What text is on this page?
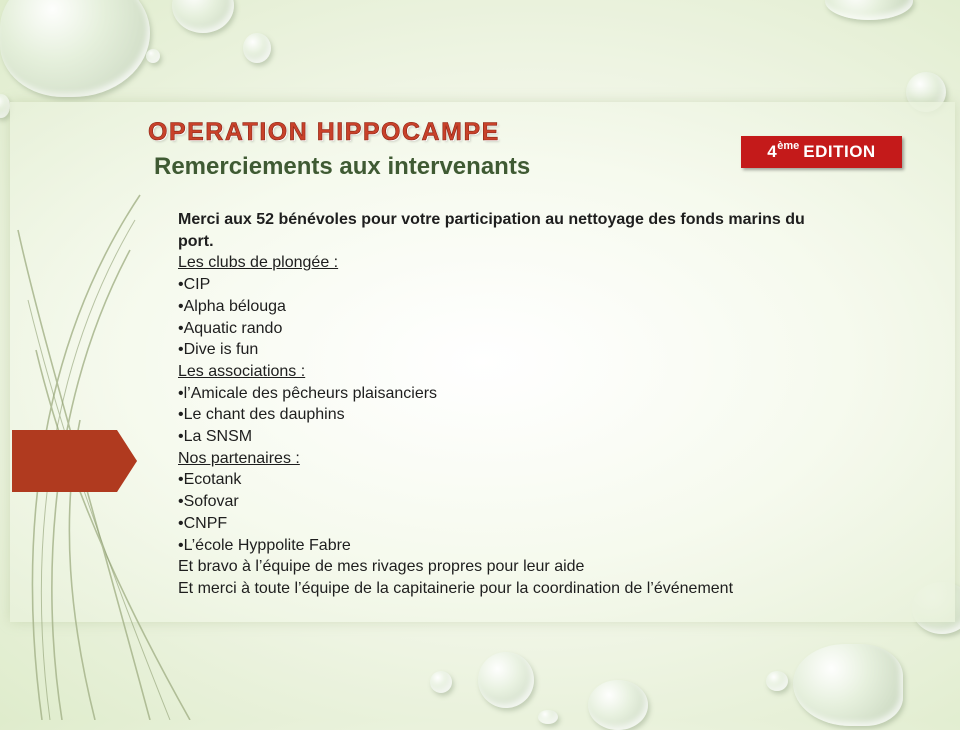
OPERATION HIPPOCAMPE
Remerciements aux intervenants
4 ème EDITION
Merci aux 52 bénévoles pour votre participation au nettoyage des fonds marins du port.
Les clubs de plongée :
•CIP
•Alpha bélouga
•Aquatic rando
•Dive is fun
Les associations :
•l’Amicale des pêcheurs plaisanciers
•Le chant des dauphins
•La SNSM
Nos partenaires :
•Ecotank
•Sofovar
•CNPF
•L’école Hyppolite Fabre
Et bravo à l’équipe de mes rivages propres pour leur aide
Et merci à toute l’équipe de la capitainerie pour la coordination de l’événement
